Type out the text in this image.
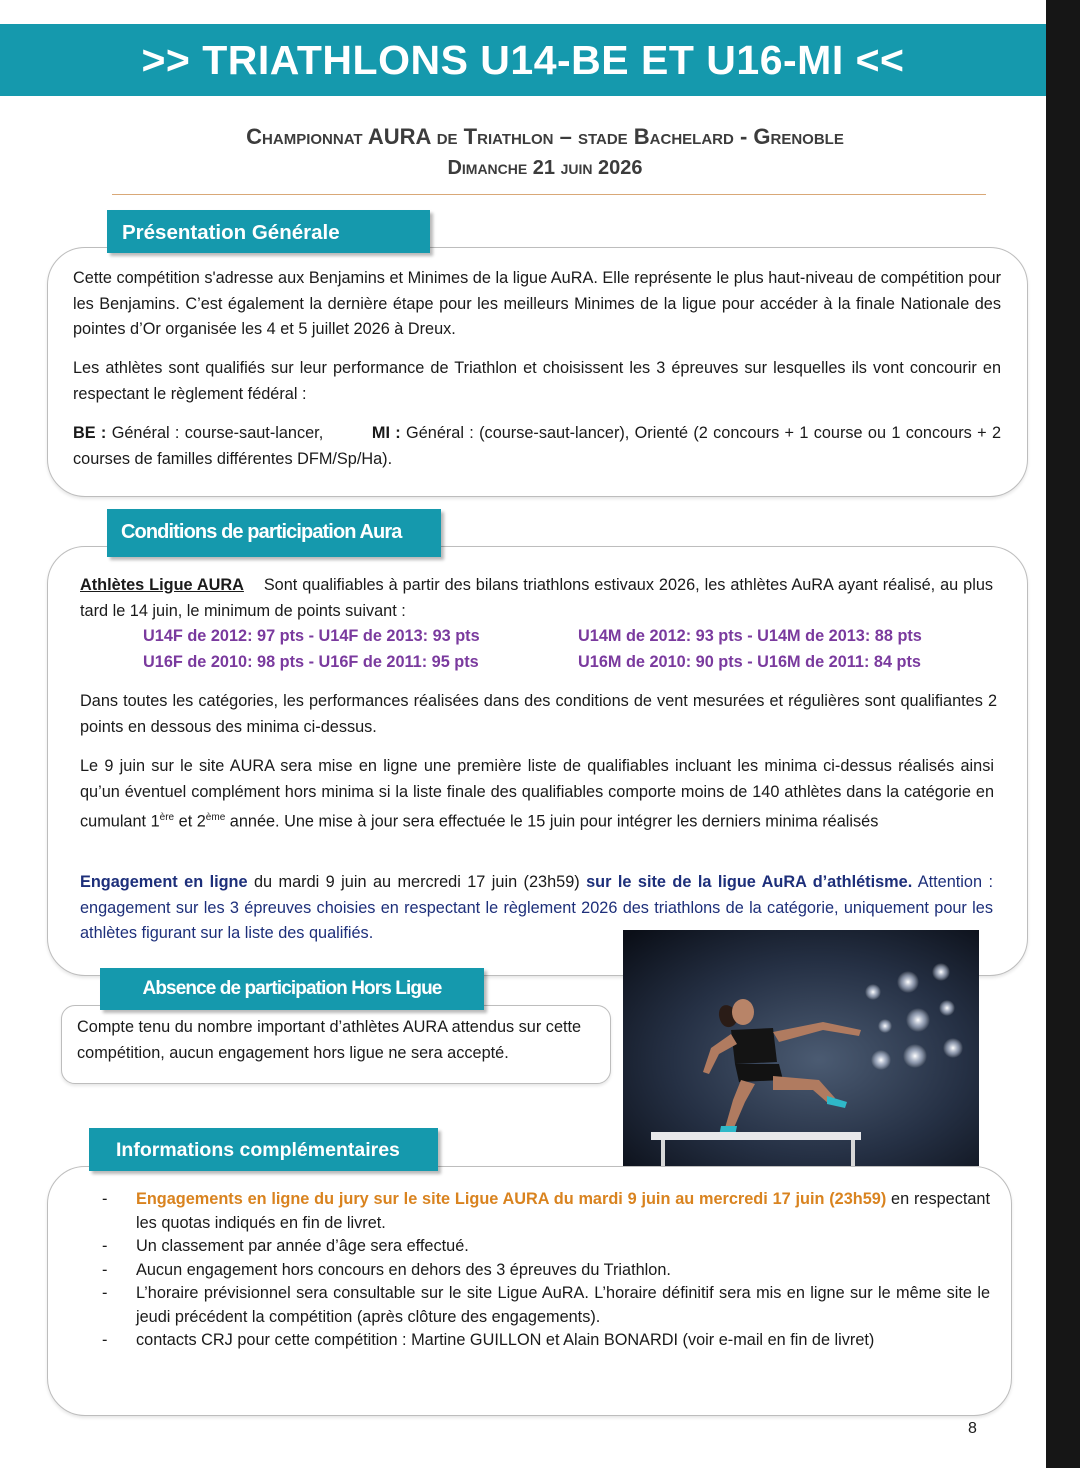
>> TRIATHLONS U14-BE ET U16-MI <<
Championnat AURA de Triathlon – stade Bachelard - Grenoble
Dimanche 21 juin 2026
Présentation Générale
Cette compétition s'adresse aux Benjamins et Minimes de la ligue AuRA. Elle représente le plus haut-niveau de compétition pour les Benjamins. C’est également la dernière étape pour les meilleurs Minimes de la ligue pour accéder à la finale Nationale des pointes d’Or organisée les 4 et 5 juillet 2026 à Dreux.
Les athlètes sont qualifiés sur leur performance de Triathlon et choisissent les 3 épreuves sur lesquelles ils vont concourir en respectant le règlement fédéral :
BE : Général : course-saut-lancer,	MI : Général : (course-saut-lancer), Orienté (2 concours + 1 course ou 1 concours + 2 courses de familles différentes DFM/Sp/Ha).
Conditions de participation Aura
Athlètes Ligue AURA Sont qualifiables à partir des bilans triathlons estivaux 2026, les athlètes AuRA ayant réalisé, au plus tard le 14 juin, le minimum de points suivant :
U14F de 2012: 97 pts - U14F de 2013: 93 pts	U14M de 2012: 93 pts - U14M de 2013: 88 pts
U16F de 2010: 98 pts - U16F de 2011: 95 pts	U16M de 2010: 90 pts - U16M de 2011: 84 pts
Dans toutes les catégories, les performances réalisées dans des conditions de vent mesurées et régulières sont qualifiantes 2 points en dessous des minima ci-dessus.
Le 9 juin sur le site AURA sera mise en ligne une première liste de qualifiables incluant les minima ci-dessus réalisés ainsi qu’un éventuel complément hors minima si la liste finale des qualifiables comporte moins de 140 athlètes dans la catégorie en cumulant 1ère et 2ème année. Une mise à jour sera effectuée le 15 juin pour intégrer les derniers minima réalisés
Engagement en ligne du mardi 9 juin au mercredi 17 juin (23h59) sur le site de la ligue AuRA d’athlétisme. Attention : engagement sur les 3 épreuves choisies en respectant le règlement 2026 des triathlons de la catégorie, uniquement pour les athlètes figurant sur la liste des qualifiés.
Absence de participation Hors Ligue
Compte tenu du nombre important d’athlètes AURA attendus sur cette compétition, aucun engagement hors ligue ne sera accepté.
Informations complémentaires
- Engagements en ligne du jury sur le site Ligue AURA du mardi 9 juin au mercredi 17 juin (23h59) en respectant les quotas indiqués en fin de livret.
- Un classement par année d’âge sera effectué.
- Aucun engagement hors concours en dehors des 3 épreuves du Triathlon.
- L’horaire prévisionnel sera consultable sur le site Ligue AuRA. L’horaire définitif sera mis en ligne sur le même site le jeudi précédent la compétition (après clôture des engagements).
- contacts CRJ pour cette compétition : Martine GUILLON et Alain BONARDI (voir e-mail en fin de livret)
8
